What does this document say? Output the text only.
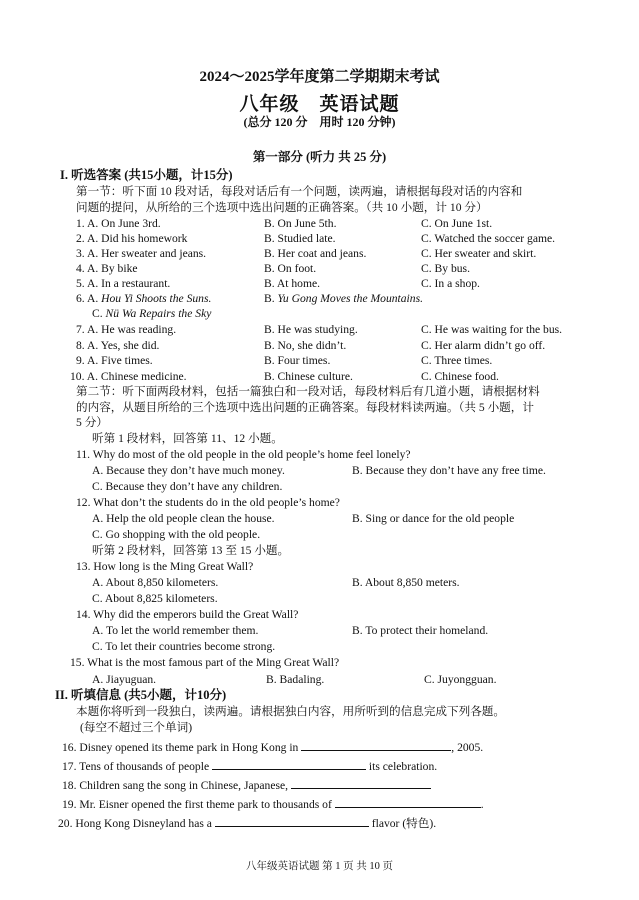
2024～2025学年度第二学期期末考试
八年级　英语试题
(总分 120 分　用时 120 分钟)
第一部分 (听力 共 25 分)
I. 听选答案 (共15小题，计15分)
第一节：听下面 10 段对话，每段对话后有一个问题，读两遍，请根据每段对话的内容和
问题的提问，从所给的三个选项中选出问题的正确答案。（共 10 小题，计 10 分）
1. A. On June 3rd.	B. On June 5th.	C. On June 1st.
2. A. Did his homework	B. Studied late.	C. Watched the soccer game.
3. A. Her sweater and jeans.	B. Her coat and jeans.	C. Her sweater and skirt.
4. A. By bike	B. On foot.	C. By bus.
5. A. In a restaurant.	B. At home.	C. In a shop.
6. A. Hou Yi Shoots the Suns.	B. Yu Gong Moves the Mountains.
C. Nü Wa Repairs the Sky
7. A. He was reading.	B. He was studying.	C. He was waiting for the bus.
8. A. Yes, she did.	B. No, she didn’t.	C. Her alarm didn’t go off.
9. A. Five times.	B. Four times.	C. Three times.
10. A. Chinese medicine.	B. Chinese culture.	C. Chinese food.
第二节：听下面两段材料，包括一篇独白和一段对话，每段材料后有几道小题，请根据材料
的内容，从题目所给的三个选项中选出问题的正确答案。每段材料读两遍。（共 5 小题，计
5 分）
听第 1 段材料，回答第 11、12 小题。
11. Why do most of the old people in the old people’s home feel lonely?
A. Because they don’t have much money.	B. Because they don’t have any free time.
C. Because they don’t have any children.
12. What don’t the students do in the old people’s home?
A. Help the old people clean the house.	B. Sing or dance for the old people
C. Go shopping with the old people.
听第 2 段材料，回答第 13 至 15 小题。
13. How long is the Ming Great Wall?
A. About 8,850 kilometers.	B. About 8,850 meters.
C. About 8,825 kilometers.
14. Why did the emperors build the Great Wall?
A. To let the world remember them.	B. To protect their homeland.
C. To let their countries become strong.
15. What is the most famous part of the Ming Great Wall?
A. Jiayuguan.	B. Badaling.	C. Juyongguan.
II. 听填信息 (共5小题，计10分)
本题你将听到一段独白，读两遍。请根据独白内容，用所听到的信息完成下列各题。
(每空不超过三个单词)
16. Disney opened its theme park in Hong Kong in	, 2005.
17. Tens of thousands of people	its celebration.
18. Children sang the song in Chinese, Japanese,
19. Mr. Eisner opened the first theme park to thousands of	.
20. Hong Kong Disneyland has a	flavor (特色).
八年级英语试题 第 1 页 共 10 页
